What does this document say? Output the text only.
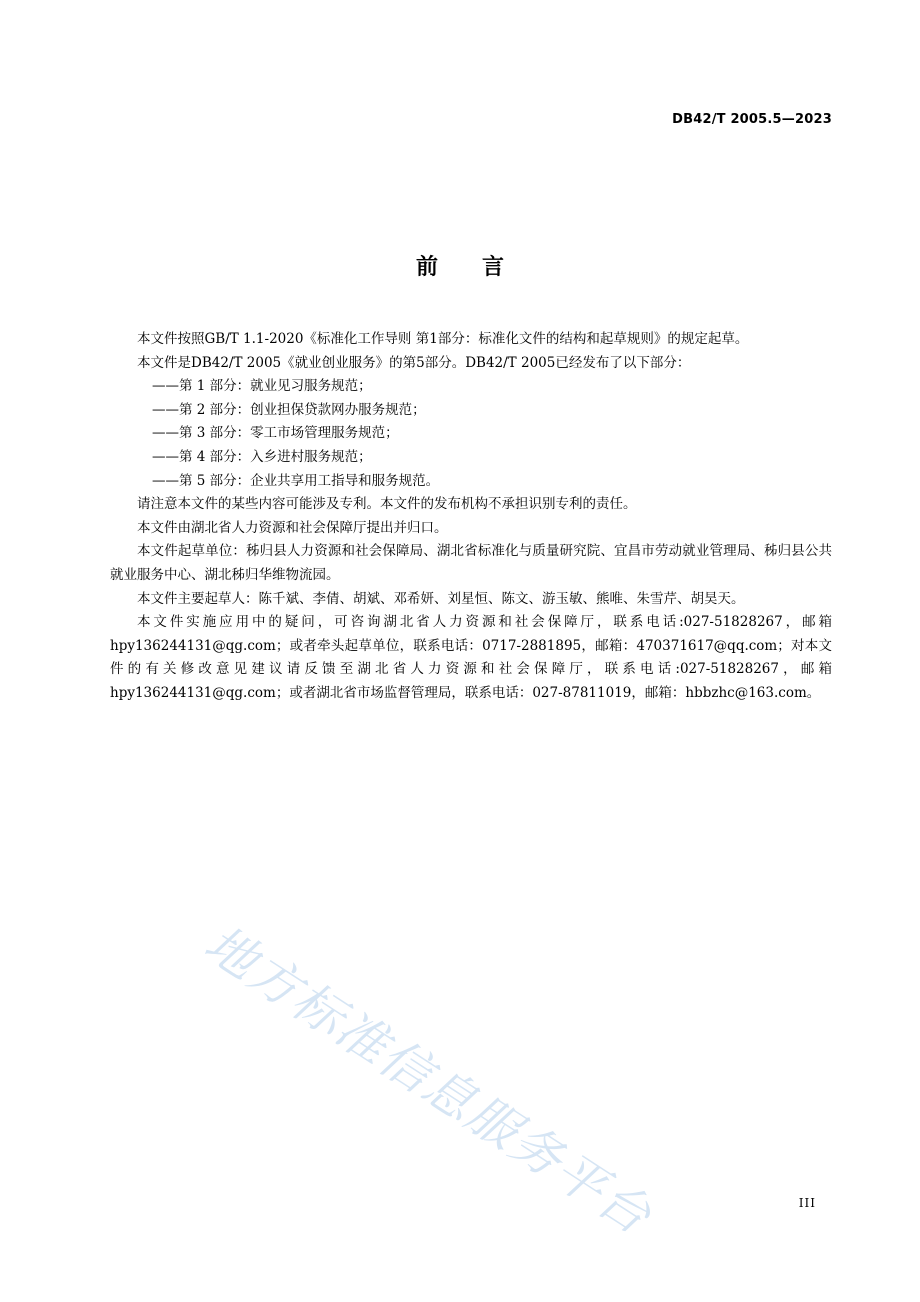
DB42/T 2005.5—2023
前　　言

本文件按照GB/T 1.1-2020《标准化工作导则 第1部分：标准化文件的结构和起草规则》的规定起草。

本文件是DB42/T 2005《就业创业服务》的第5部分。DB42/T 2005已经发布了以下部分：

——第 1 部分：就业见习服务规范；

——第 2 部分：创业担保贷款网办服务规范；

——第 3 部分：零工市场管理服务规范；

——第 4 部分：入乡进村服务规范；

——第 5 部分：企业共享用工指导和服务规范。

请注意本文件的某些内容可能涉及专利。本文件的发布机构不承担识别专利的责任。

本文件由湖北省人力资源和社会保障厅提出并归口。

本文件起草单位：秭归县人力资源和社会保障局、湖北省标准化与质量研究院、宜昌市劳动就业管理局、秭归县公共就业服务中心、湖北秭归华维物流园。

本文件主要起草人：陈千斌、李倩、胡斌、邓希妍、刘星恒、陈文、游玉敏、熊唯、朱雪芹、胡昊天。

本文件实施应用中的疑问，可咨询湖北省人力资源和社会保障厅，联系电话:027-51828267，邮箱hpy136244131@qg.com；或者牵头起草单位，联系电话：0717-2881895，邮箱：470371617@qq.com；对本文件的有关修改意见建议请反馈至湖北省人力资源和社会保障厅，联系电话:027-51828267，邮箱hpy136244131@qg.com；或者湖北省市场监督管理局，联系电话：027-87811019，邮箱：hbbzhc@163.com。

地方标准信息服务平台	III
